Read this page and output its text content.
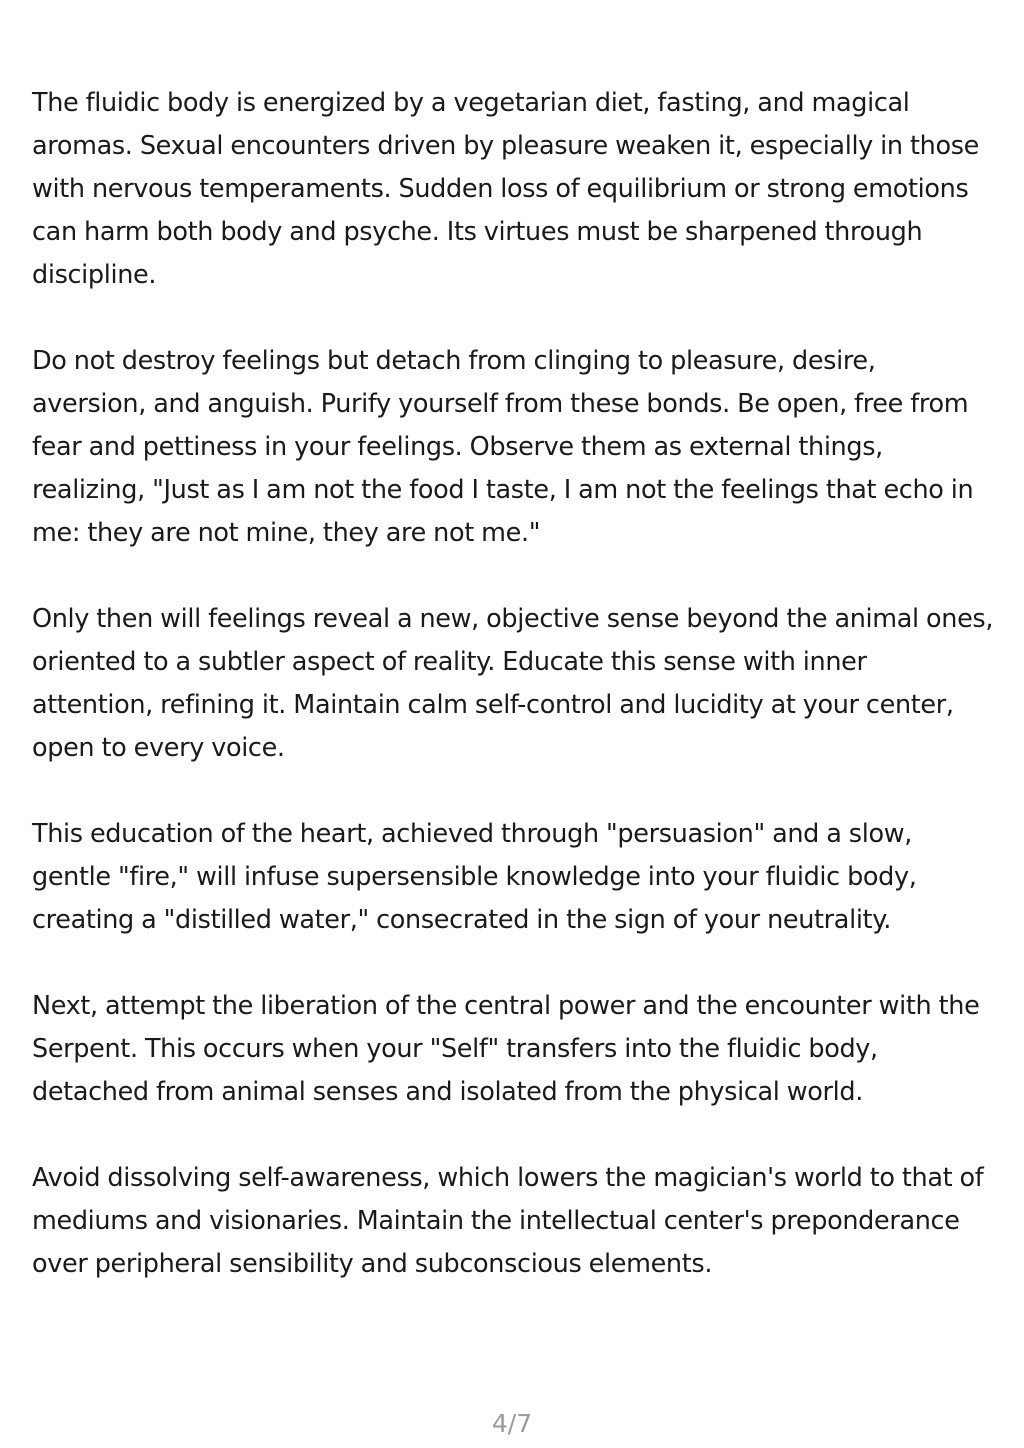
The fluidic body is energized by a vegetarian diet, fasting, and magical aromas. Sexual encounters driven by pleasure weaken it, especially in those with nervous temperaments. Sudden loss of equilibrium or strong emotions can harm both body and psyche. Its virtues must be sharpened through discipline.

Do not destroy feelings but detach from clinging to pleasure, desire, aversion, and anguish. Purify yourself from these bonds. Be open, free from fear and pettiness in your feelings. Observe them as external things, realizing, "Just as I am not the food I taste, I am not the feelings that echo in me: they are not mine, they are not me."

Only then will feelings reveal a new, objective sense beyond the animal ones, oriented to a subtler aspect of reality. Educate this sense with inner attention, refining it. Maintain calm self-control and lucidity at your center, open to every voice.

This education of the heart, achieved through "persuasion" and a slow, gentle "fire," will infuse supersensible knowledge into your fluidic body, creating a "distilled water," consecrated in the sign of your neutrality.

Next, attempt the liberation of the central power and the encounter with the Serpent. This occurs when your "Self" transfers into the fluidic body, detached from animal senses and isolated from the physical world.

Avoid dissolving self-awareness, which lowers the magician's world to that of mediums and visionaries. Maintain the intellectual center's preponderance over peripheral sensibility and subconscious elements.

4/7
